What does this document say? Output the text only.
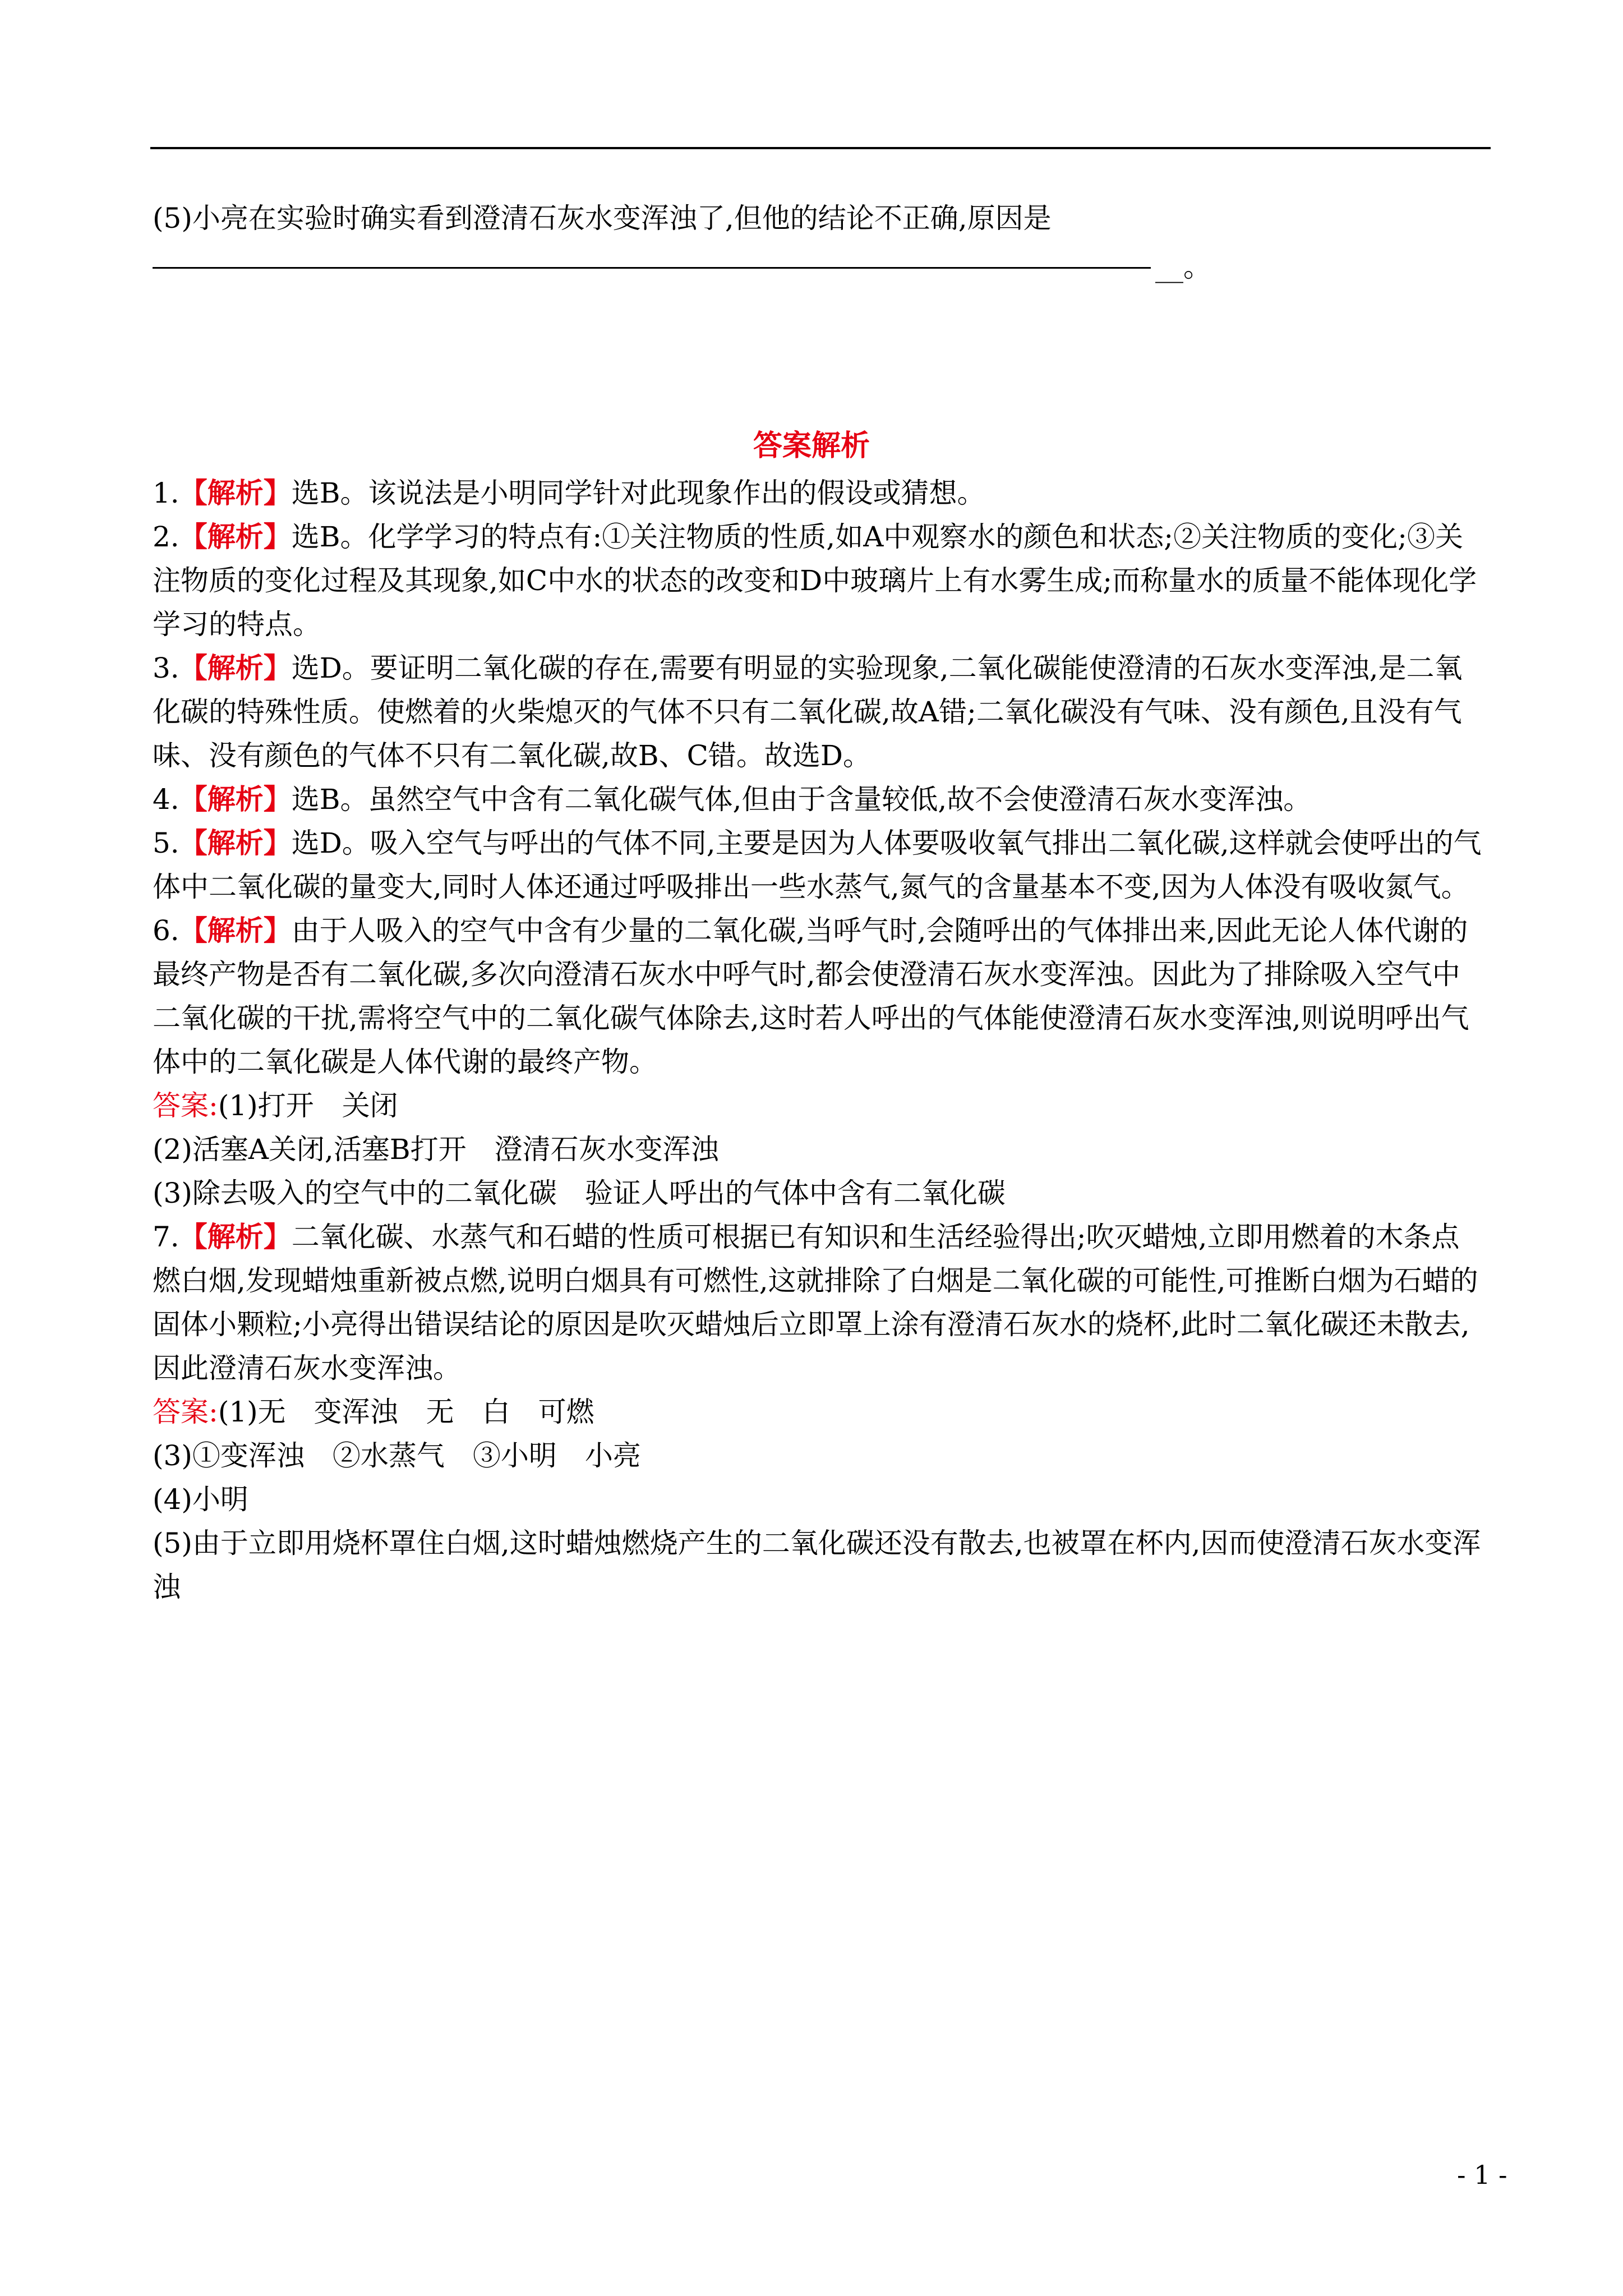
(5)小亮在实验时确实看到澄清石灰水变浑浊了,但他的结论不正确,原因是
__。
答案解析

1.【解析】选B。该说法是小明同学针对此现象作出的假设或猜想。

2.【解析】选B。化学学习的特点有:①关注物质的性质,如A中观察水的颜色和状态;②关注物质的变化;③关注物质的变化过程及其现象,如C中水的状态的改变和D中玻璃片上有水雾生成;而称量水的质量不能体现化学学习的特点。

3.【解析】选D。要证明二氧化碳的存在,需要有明显的实验现象,二氧化碳能使澄清的石灰水变浑浊,是二氧化碳的特殊性质。使燃着的火柴熄灭的气体不只有二氧化碳,故A错;二氧化碳没有气味、没有颜色,且没有气味、没有颜色的气体不只有二氧化碳,故B、C错。故选D。

4.【解析】选B。虽然空气中含有二氧化碳气体,但由于含量较低,故不会使澄清石灰水变浑浊。

5.【解析】选D。吸入空气与呼出的气体不同,主要是因为人体要吸收氧气排出二氧化碳,这样就会使呼出的气体中二氧化碳的量变大,同时人体还通过呼吸排出一些水蒸气,氮气的含量基本不变,因为人体没有吸收氮气。

6.【解析】由于人吸入的空气中含有少量的二氧化碳,当呼气时,会随呼出的气体排出来,因此无论人体代谢的最终产物是否有二氧化碳,多次向澄清石灰水中呼气时,都会使澄清石灰水变浑浊。因此为了排除吸入空气中二氧化碳的干扰,需将空气中的二氧化碳气体除去,这时若人呼出的气体能使澄清石灰水变浑浊,则说明呼出气体中的二氧化碳是人体代谢的最终产物。

答案:(1)打开　关闭

(2)活塞A关闭,活塞B打开　澄清石灰水变浑浊

(3)除去吸入的空气中的二氧化碳　验证人呼出的气体中含有二氧化碳

7.【解析】二氧化碳、水蒸气和石蜡的性质可根据已有知识和生活经验得出;吹灭蜡烛,立即用燃着的木条点燃白烟,发现蜡烛重新被点燃,说明白烟具有可燃性,这就排除了白烟是二氧化碳的可能性,可推断白烟为石蜡的固体小颗粒;小亮得出错误结论的原因是吹灭蜡烛后立即罩上涂有澄清石灰水的烧杯,此时二氧化碳还未散去,因此澄清石灰水变浑浊。

答案:(1)无　变浑浊　无　白　可燃

(3)①变浑浊　②水蒸气　③小明　小亮

(4)小明

(5)由于立即用烧杯罩住白烟,这时蜡烛燃烧产生的二氧化碳还没有散去,也被罩在杯内,因而使澄清石灰水变浑浊

- 1 -
